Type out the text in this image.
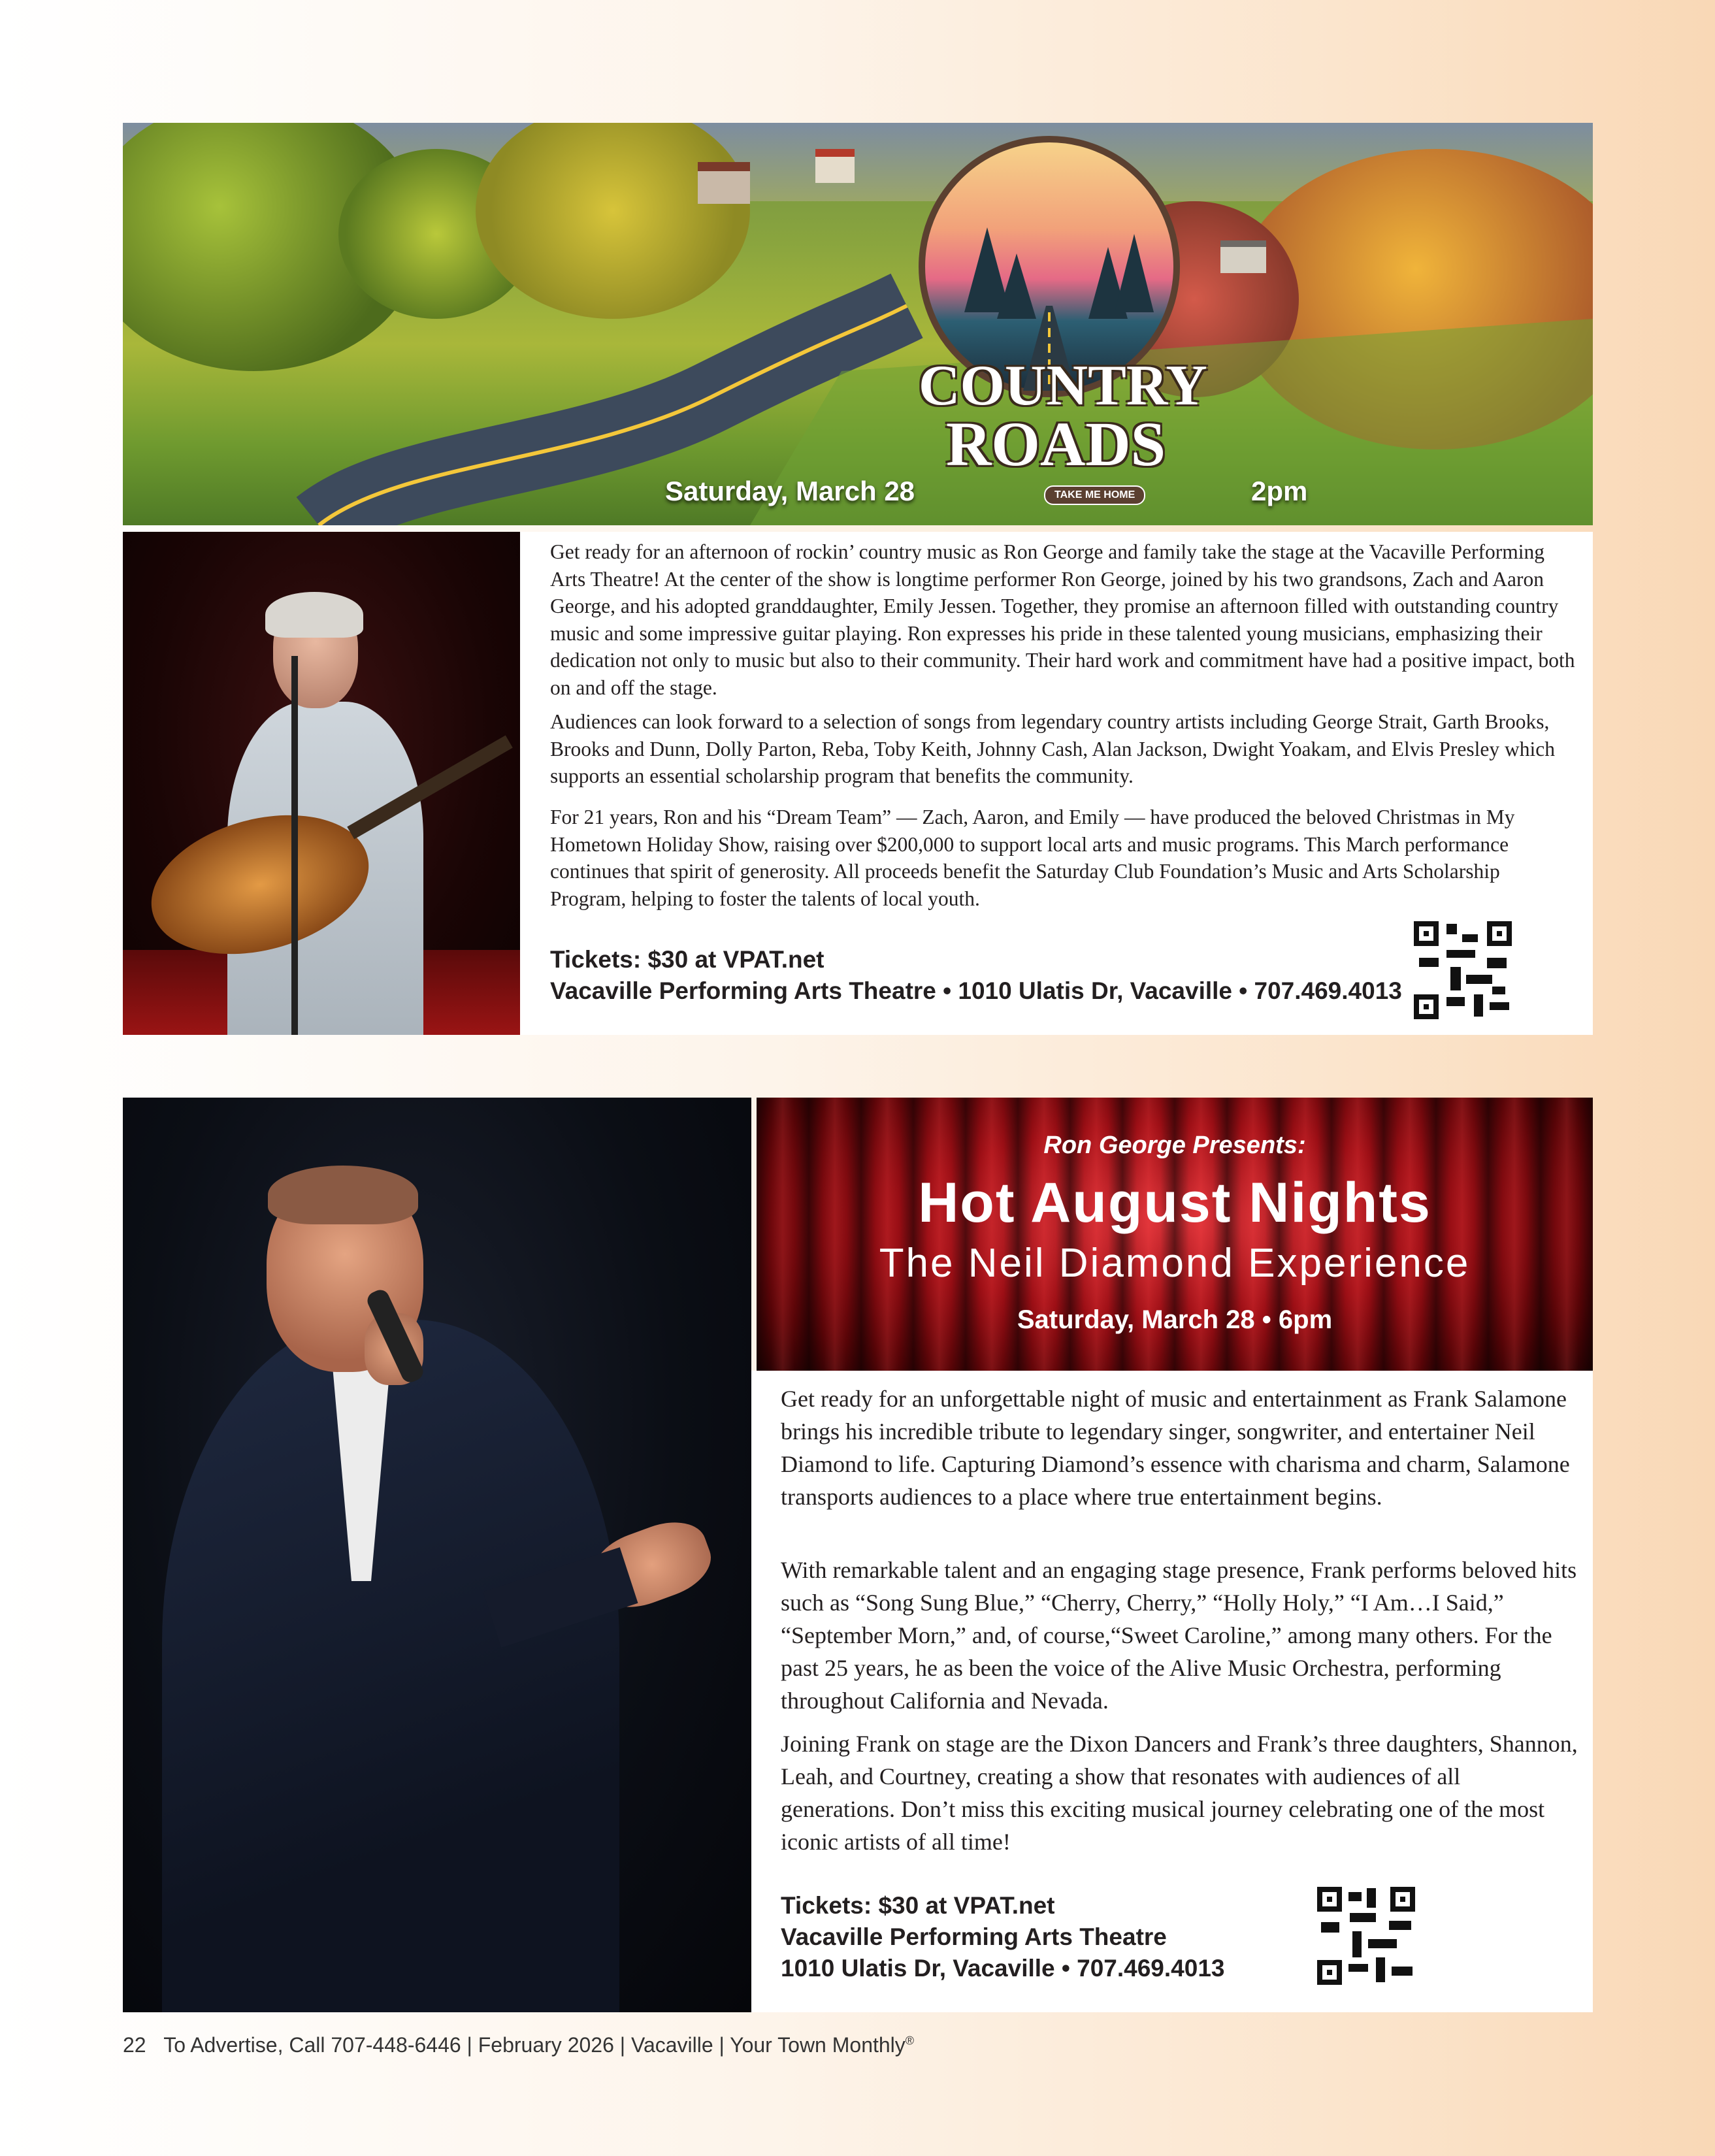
COUNTRY
ROADS
TAKE ME HOME
Saturday, March 28	2pm

Get ready for an afternoon of rockin’ country music as Ron George and family take the stage at the Vacaville Performing Arts Theatre! At the center of the show is longtime performer Ron George, joined by his two grandsons, Zach and Aaron George, and his adopted granddaughter, Emily Jessen. Together, they promise an afternoon filled with outstanding country music and some impressive guitar playing. Ron expresses his pride in these talented young musicians, emphasizing their dedication not only to music but also to their community. Their hard work and commitment have had a positive impact, both on and off the stage.

Audiences can look forward to a selection of songs from legendary country artists including George Strait, Garth Brooks, Brooks and Dunn, Dolly Parton, Reba, Toby Keith, Johnny Cash, Alan Jackson, Dwight Yoakam, and Elvis Presley which supports an essential scholarship program that benefits the community.

For 21 years, Ron and his “Dream Team” — Zach, Aaron, and Emily — have produced the beloved Christmas in My Hometown Holiday Show, raising over $200,000 to support local arts and music programs. This March performance continues that spirit of generosity. All proceeds benefit the Saturday Club Foundation’s Music and Arts Scholarship Program, helping to foster the talents of local youth.

Tickets: $30 at VPAT.net
Vacaville Performing Arts Theatre • 1010 Ulatis Dr, Vacaville • 707.469.4013
Ron George Presents:
Hot August Nights
The Neil Diamond Experience
Saturday, March 28 • 6pm

Get ready for an unforgettable night of music and entertainment as Frank Salamone brings his incredible tribute to legendary singer, songwriter, and entertainer Neil Diamond to life. Capturing Diamond’s essence with charisma and charm, Salamone transports audiences to a place where true entertainment begins.

With remarkable talent and an engaging stage presence, Frank performs beloved hits such as “Song Sung Blue,” “Cherry, Cherry,” “Holly Holy,” “I Am…I Said,” “September Morn,” and, of course,“Sweet Caroline,” among many others. For the past 25 years, he as been the voice of the Alive Music Orchestra, performing throughout California and Nevada.

Joining Frank on stage are the Dixon Dancers and Frank’s three daughters, Shannon, Leah, and Courtney, creating a show that resonates with audiences of all generations. Don’t miss this exciting musical journey celebrating one of the most iconic artists of all time!

Tickets: $30 at VPAT.net
Vacaville Performing Arts Theatre
1010 Ulatis Dr, Vacaville • 707.469.4013
22 To Advertise, Call 707-448-6446 | February 2026 | Vacaville | Your Town Monthly®
